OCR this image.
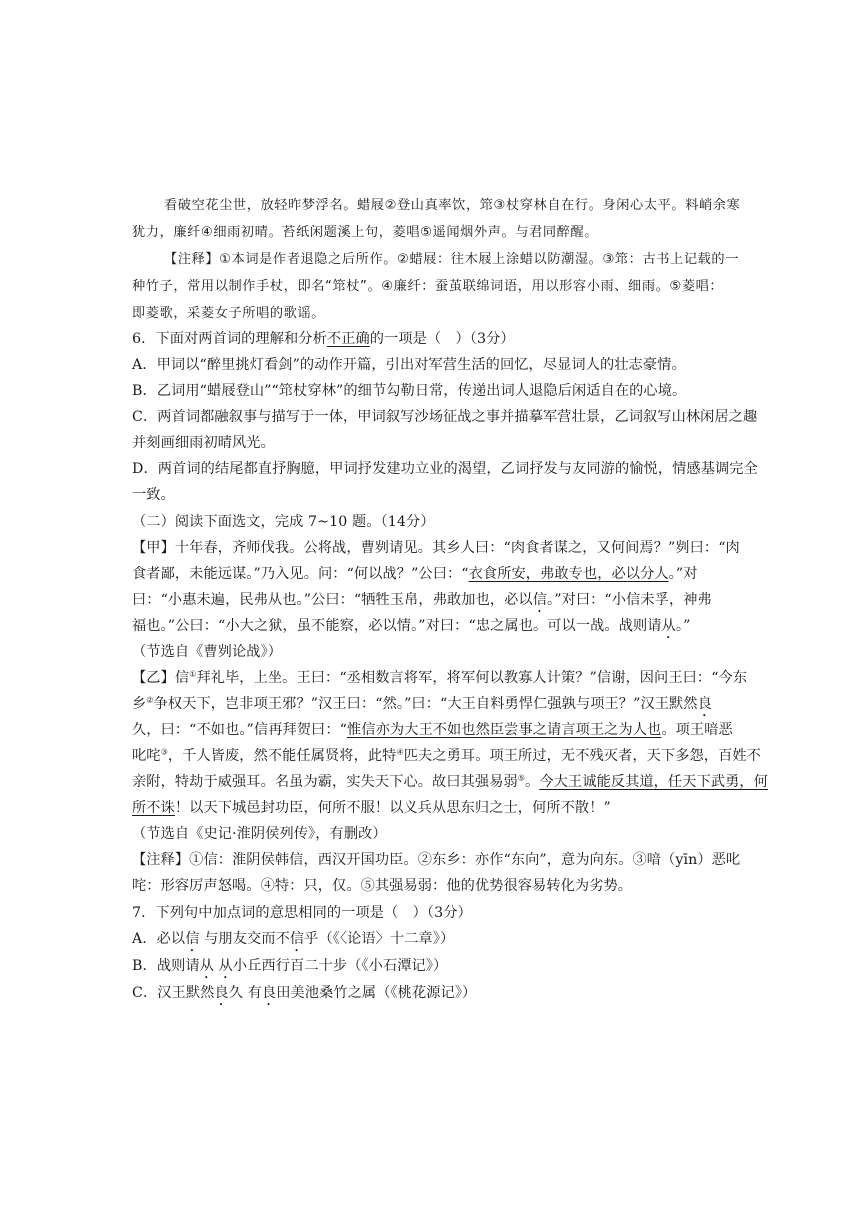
看破空花尘世，放轻昨梦浮名。蜡屐②登山真率饮，筇③杖穿林自在行。身闲心太平。料峭余寒
犹力，廉纤④细雨初晴。苔纸闲题溪上句，菱唱⑤遥闻烟外声。与君同醉醒。
【注释】①本词是作者退隐之后所作。②蜡屐：往木屐上涂蜡以防潮湿。③筇：古书上记载的一
种竹子，常用以制作手杖，即名“筇杖”。④廉纤：蚕茧联绵词语，用以形容小雨、细雨。⑤菱唱：
即菱歌，采菱女子所唱的歌谣。
6．下面对两首词的理解和分析不正确的一项是（　）（3分）
A．甲词以“醉里挑灯看剑”的动作开篇，引出对军营生活的回忆，尽显词人的壮志豪情。
B．乙词用“蜡屐登山”“筇杖穿林”的细节勾勒日常，传递出词人退隐后闲适自在的心境。
C．两首词都融叙事与描写于一体，甲词叙写沙场征战之事并描摹军营壮景，乙词叙写山林闲居之趣
并刻画细雨初晴风光。
D．两首词的结尾都直抒胸臆，甲词抒发建功立业的渴望，乙词抒发与友同游的愉悦，情感基调完全
一致。
（二）阅读下面选文，完成 7~10 题。（14分）
【甲】十年春，齐师伐我。公将战，曹刿请见。其乡人曰：“肉食者谋之，又何间焉？”刿曰：“肉
食者鄙，未能远谋。”乃入见。问：“何以战？”公曰：“衣食所安，弗敢专也，必以分人。”对
曰：“小惠未遍，民弗从也。”公曰：“牺牲玉帛，弗敢加也，必以信。”对曰：“小信未孚，神弗
福也。”公曰：“小大之狱，虽不能察，必以情。”对曰：“忠之属也。可以一战。战则请从。”
（节选自《曹刿论战》）
【乙】信①拜礼毕，上坐。王曰：“丞相数言将军，将军何以教寡人计策？”信谢，因问王曰：“今东
乡②争权天下，岂非项王邪？”汉王曰：“然。”曰：“大王自料勇悍仁强孰与项王？”汉王默然良
久，曰：“不如也。”信再拜贺曰：“惟信亦为大王不如也然臣尝事之请言项王之为人也。项王喑恶
叱咤③，千人皆废，然不能任属贤将，此特④匹夫之勇耳。项王所过，无不残灭者，天下多怨，百姓不
亲附，特劫于威强耳。名虽为霸，实失天下心。故曰其强易弱⑤。今大王诚能反其道，任天下武勇，何
所不诛！以天下城邑封功臣，何所不服！以义兵从思东归之士，何所不散！”
（节选自《史记·淮阴侯列传》，有删改）
【注释】①信：淮阴侯韩信，西汉开国功臣。②东乡：亦作“东向”，意为向东。③喑（yīn）恶叱
咤：形容厉声怒喝。④特：只，仅。⑤其强易弱：他的优势很容易转化为劣势。
7．下列句中加点词的意思相同的一项是（　）（3分）
A．必以信 与朋友交而不信乎（《〈论语〉十二章》）
B．战则请从 从小丘西行百二十步（《小石潭记》）
C．汉王默然良久 有良田美池桑竹之属（《桃花源记》）
